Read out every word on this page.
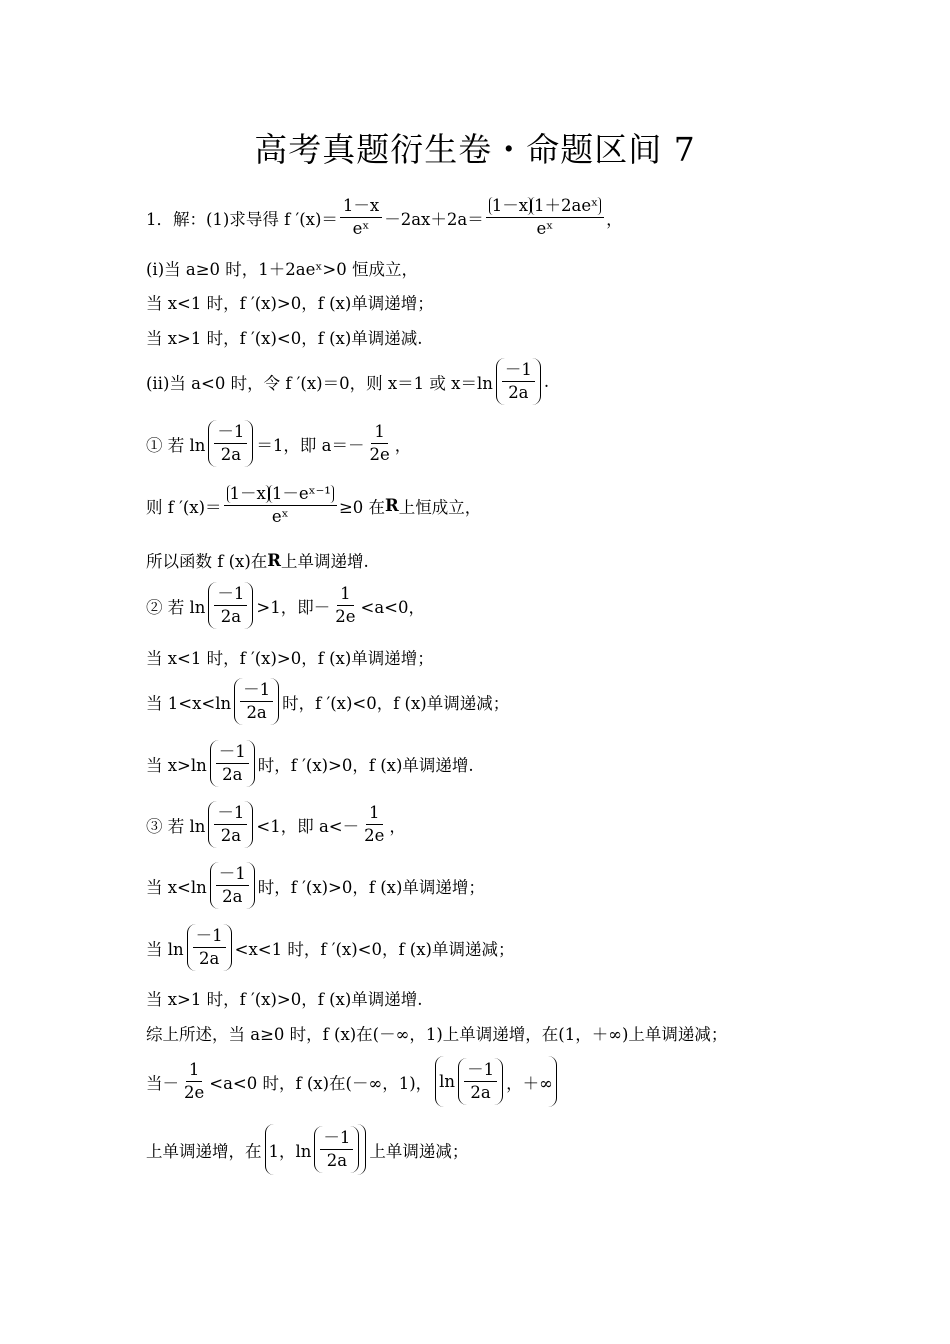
高考真题衍生卷・命题区间 7
1．解：(1)求导得 f $'(x)= \frac{1-x}{\text{eˣ}} -2ax+2a=$
1－x 1＋2aeˣ
eˣ	，
(ⅰ)当 a≥0 时，1＋2aeˣ>0 恒成立，
当 x<1 时，f ′(x)>0，f (x)单调递增；
当 x>1 时，f ′(x)<0，f (x)单调递减.
(ⅱ)当 a<0 时，令 f ′(x)＝0，则 x＝1 或 $x=\ln \frac{-1}{2a}$ .
① 若 $\ln \frac{-1}{2a} =1$，即 $a=- \frac{1}{2e}$ ，
则 f $'(x)= \frac{\text{1－x 1－eˣ⁻¹}}{\text{eˣ}} \ge 0$ 在 R 上恒成立，
所以函数 f (x)在 R 上单调递增.
② 若 $\ln \frac{-1}{2a} >1$，即－ $\frac{1}{2e} <a<0$，
当 x<1 时，f ′(x)>0，f (x)单调递增；
当 $1<x<\ln \frac{-1}{2a}$ 时，f ′(x)<0，f (x)单调递减；
当 $x>\ln \frac{-1}{2a}$ 时，f ′(x)>0，f (x)单调递增.
③ 若 $\ln \frac{-1}{2a} <1$，即 $a<- \frac{1}{2e}$ ，
当 $x<\ln \frac{-1}{2a}$ 时，f ′(x)>0，f (x)单调递增；
当 $\ln \frac{-1}{2a} <x<1$ 时，f ′(x)<0，f (x)单调递减；
当 x>1 时，f ′(x)>0，f (x)单调递增.
综上所述，当 a≥0 时，f (x)在(－∞，1)上单调递增，在(1，＋∞)上单调递减；
当－ $\frac{1}{2e} <a<0$ 时，f (x)在(－∞，1)， $\ln \frac{-1}{2a}$ ，＋∞
上单调递增，在 1，$\ln \frac{-1}{2a}$ 上单调递减；
